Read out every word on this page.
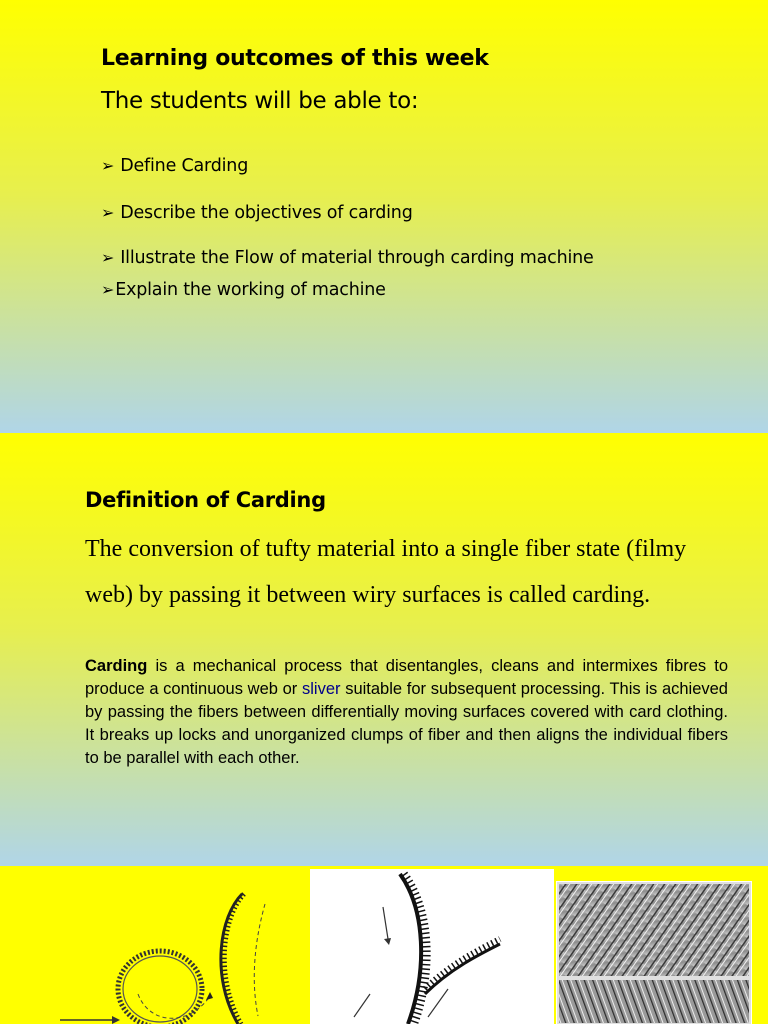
Learning outcomes of this week
The students will be able to:
➢ Define Carding
➢ Describe the objectives of carding
➢ Illustrate the Flow of material through carding machine
➢Explain the working of machine
Definition of Carding
The conversion of tufty material into a single fiber state (filmy web) by passing it between wiry surfaces is called carding.
Carding is a mechanical process that disentangles, cleans and intermixes fibres to produce a continuous web or sliver suitable for subsequent processing. This is achieved by passing the fibers between differentially moving surfaces covered with card clothing. It breaks up locks and unorganized clumps of fiber and then aligns the individual fibers to be parallel with each other.
